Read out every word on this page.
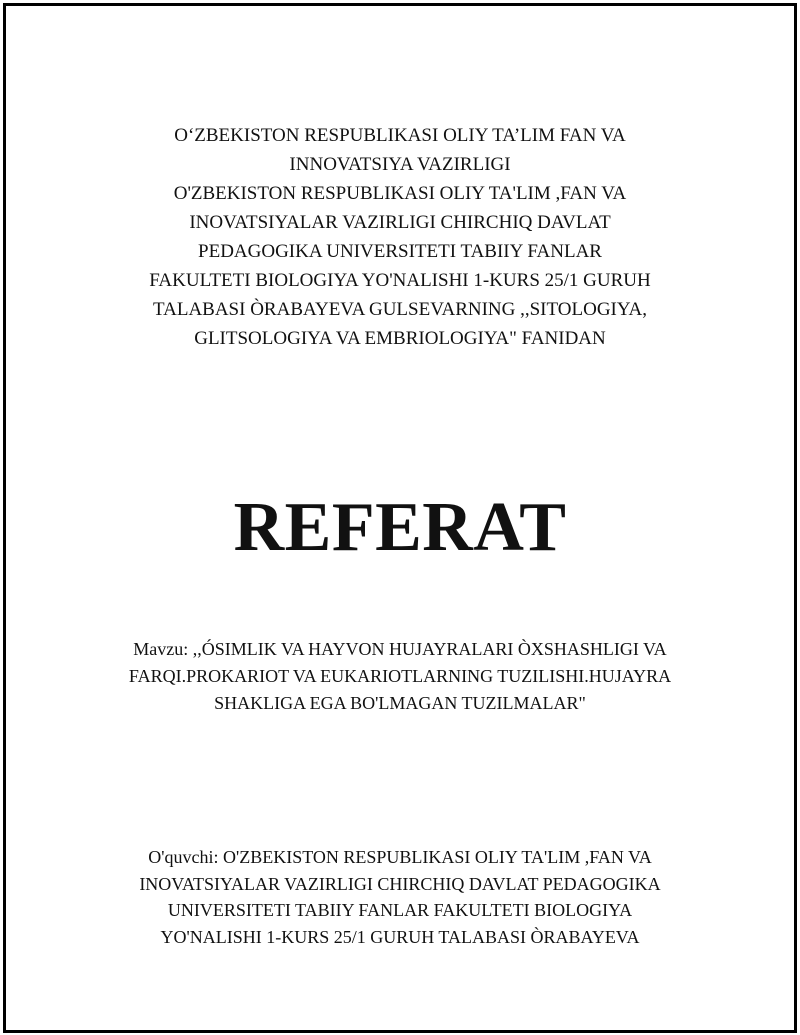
O‘ZBEKISTON RESPUBLIKASI OLIY TA’LIM FAN VA
INNOVATSIYA VAZIRLIGI
O'ZBEKISTON RESPUBLIKASI OLIY TA'LIM ,FAN VA
INOVATSIYALAR VAZIRLIGI CHIRCHIQ DAVLAT
PEDAGOGIKA UNIVERSITETI TABIIY FANLAR
FAKULTETI BIOLOGIYA YO'NALISHI 1-KURS 25/1 GURUH
TALABASI ÒRABAYEVA GULSEVARNING ,,SITOLOGIYA,
GLITSOLOGIYA VA EMBRIOLOGIYA" FANIDAN
REFERAT
Mavzu: ,,ÓSIMLIK VA HAYVON HUJAYRALARI ÒXSHASHLIGI VA
FARQI.PROKARIOT VA EUKARIOTLARNING TUZILISHI.HUJAYRA
SHAKLIGA EGA BO'LMAGAN TUZILMALAR"
O'quvchi: O'ZBEKISTON RESPUBLIKASI OLIY TA'LIM ,FAN VA
INOVATSIYALAR VAZIRLIGI CHIRCHIQ DAVLAT PEDAGOGIKA
UNIVERSITETI TABIIY FANLAR FAKULTETI BIOLOGIYA
YO'NALISHI 1-KURS 25/1 GURUH TALABASI ÒRABAYEVA
